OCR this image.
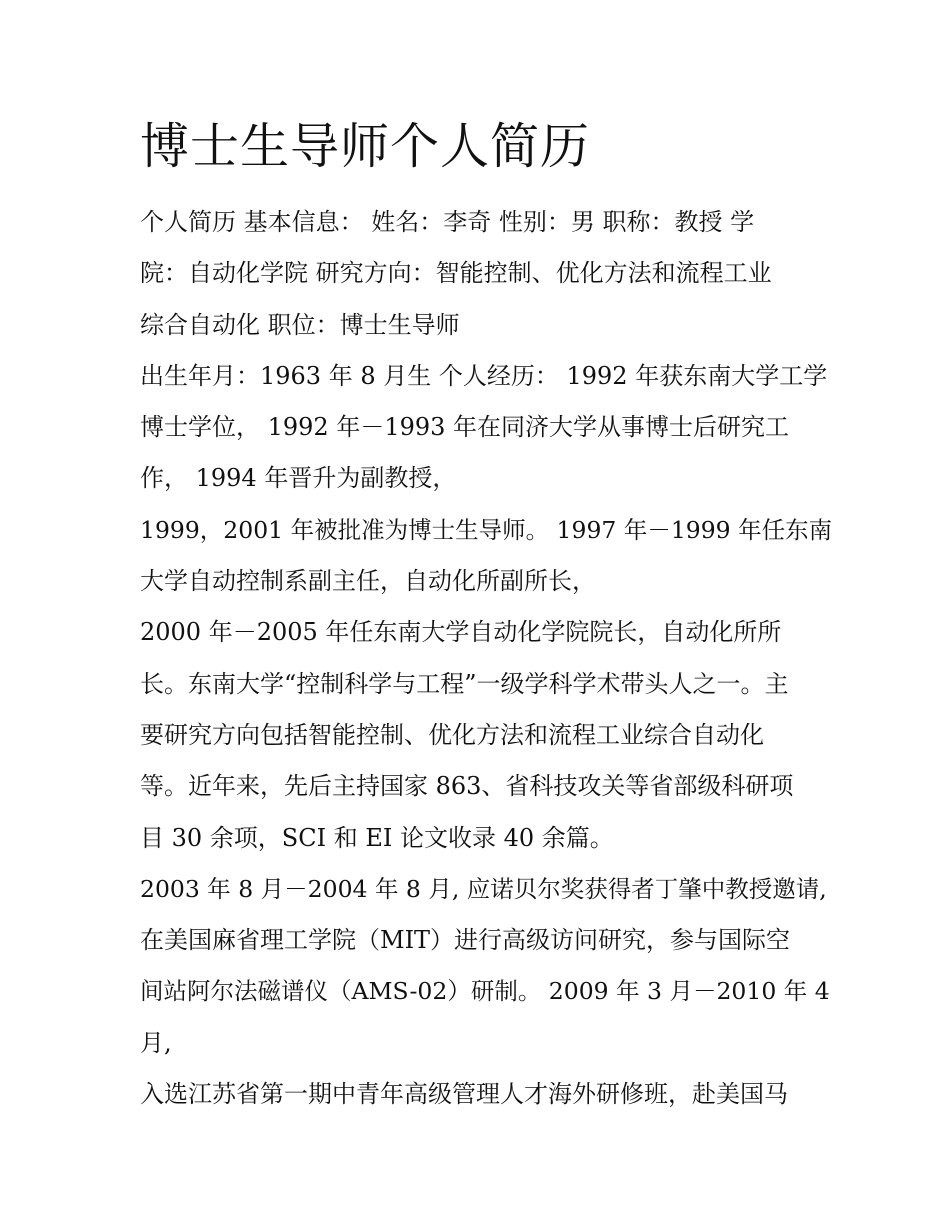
博士生导师个人简历
个人简历 基本信息： 姓名：李奇 性别：男 职称：教授 学
院：自动化学院 研究方向：智能控制、优化方法和流程工业
综合自动化 职位：博士生导师
出生年月：1963 年 8 月生 个人经历： 1992 年获东南大学工学
博士学位， 1992 年－1993 年在同济大学从事博士后研究工
作， 1994 年晋升为副教授，
1999，2001 年被批准为博士生导师。 1997 年－1999 年任东南
大学自动控制系副主任，自动化所副所长，
2000 年－2005 年任东南大学自动化学院院长，自动化所所
长。东南大学“控制科学与工程”一级学科学术带头人之一。主
要研究方向包括智能控制、优化方法和流程工业综合自动化
等。近年来，先后主持国家 863、省科技攻关等省部级科研项
目 30 余项，SCI 和 EI 论文收录 40 余篇。
2003 年 8 月－2004 年 8 月, 应诺贝尔奖获得者丁肇中教授邀请,
在美国麻省理工学院（MIT）进行高级访问研究，参与国际空
间站阿尔法磁谱仪（AMS-02）研制。 2009 年 3 月－2010 年 4
月,
入选江苏省第一期中青年高级管理人才海外研修班，赴美国马
